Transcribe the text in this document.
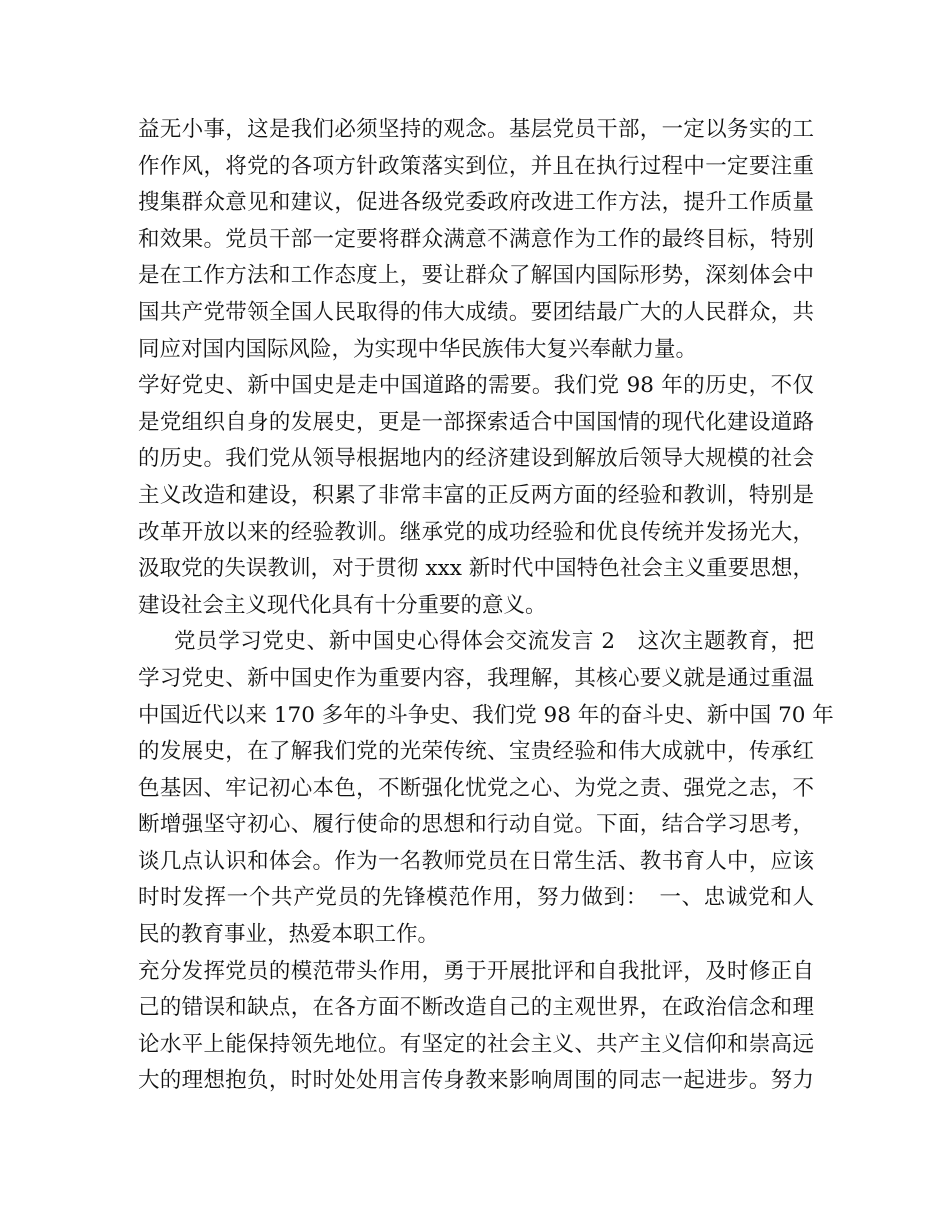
益无小事，这是我们必须坚持的观念。基层党员干部，一定以务实的工
作作风，将党的各项方针政策落实到位，并且在执行过程中一定要注重
搜集群众意见和建议，促进各级党委政府改进工作方法，提升工作质量
和效果。党员干部一定要将群众满意不满意作为工作的最终目标，特别
是在工作方法和工作态度上，要让群众了解国内国际形势，深刻体会中
国共产党带领全国人民取得的伟大成绩。要团结最广大的人民群众，共
同应对国内国际风险，为实现中华民族伟大复兴奉献力量。
学好党史、新中国史是走中国道路的需要。我们党 98 年的历史，不仅
是党组织自身的发展史，更是一部探索适合中国国情的现代化建设道路
的历史。我们党从领导根据地内的经济建设到解放后领导大规模的社会
主义改造和建设，积累了非常丰富的正反两方面的经验和教训，特别是
改革开放以来的经验教训。继承党的成功经验和优良传统并发扬光大，
汲取党的失误教训，对于贯彻 xxx 新时代中国特色社会主义重要思想，
建设社会主义现代化具有十分重要的意义。
党员学习党史、新中国史心得体会交流发言 2　这次主题教育，把
学习党史、新中国史作为重要内容，我理解，其核心要义就是通过重温
中国近代以来 170 多年的斗争史、我们党 98 年的奋斗史、新中国 70 年
的发展史，在了解我们党的光荣传统、宝贵经验和伟大成就中，传承红
色基因、牢记初心本色，不断强化忧党之心、为党之责、强党之志，不
断增强坚守初心、履行使命的思想和行动自觉。下面，结合学习思考，
谈几点认识和体会。作为一名教师党员在日常生活、教书育人中，应该
时时发挥一个共产党员的先锋模范作用，努力做到：　一、忠诚党和人
民的教育事业，热爱本职工作。
充分发挥党员的模范带头作用，勇于开展批评和自我批评，及时修正自
己的错误和缺点，在各方面不断改造自己的主观世界，在政治信念和理
论水平上能保持领先地位。有坚定的社会主义、共产主义信仰和崇高远
大的理想抱负，时时处处用言传身教来影响周围的同志一起进步。努力
